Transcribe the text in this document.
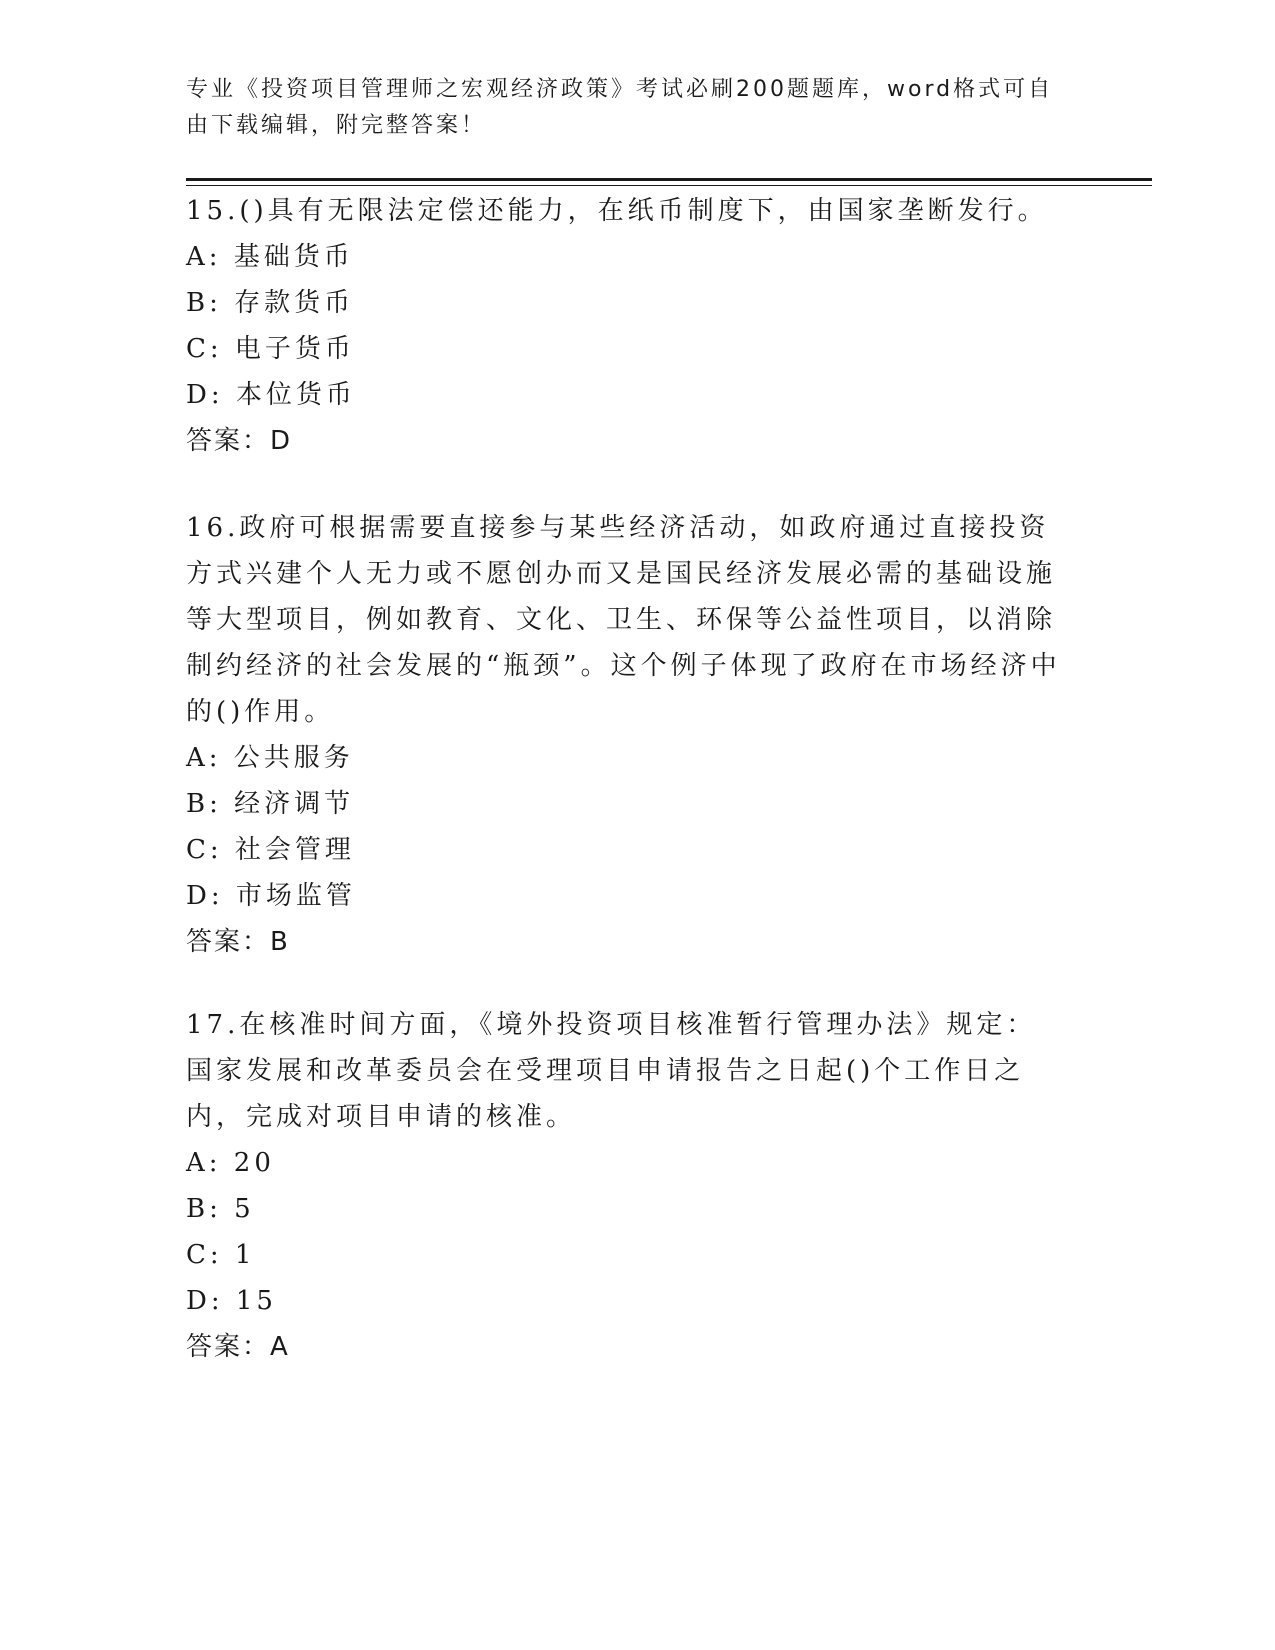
专业《投资项目管理师之宏观经济政策》考试必刷200题题库，word格式可自由下载编辑，附完整答案！

15.()具有无限法定偿还能力，在纸币制度下，由国家垄断发行。

A: 基础货币

B: 存款货币

C: 电子货币

D: 本位货币

答案：D

16.政府可根据需要直接参与某些经济活动，如政府通过直接投资方式兴建个人无力或不愿创办而又是国民经济发展必需的基础设施等大型项目，例如教育、文化、卫生、环保等公益性项目，以消除制约经济的社会发展的“瓶颈”。这个例子体现了政府在市场经济中的()作用。

A: 公共服务

B: 经济调节

C: 社会管理

D: 市场监管

答案：B

17.在核准时间方面，《境外投资项目核准暂行管理办法》规定：国家发展和改革委员会在受理项目申请报告之日起()个工作日之内，完成对项目申请的核准。

A: 20

B: 5

C: 1

D: 15

答案：A
